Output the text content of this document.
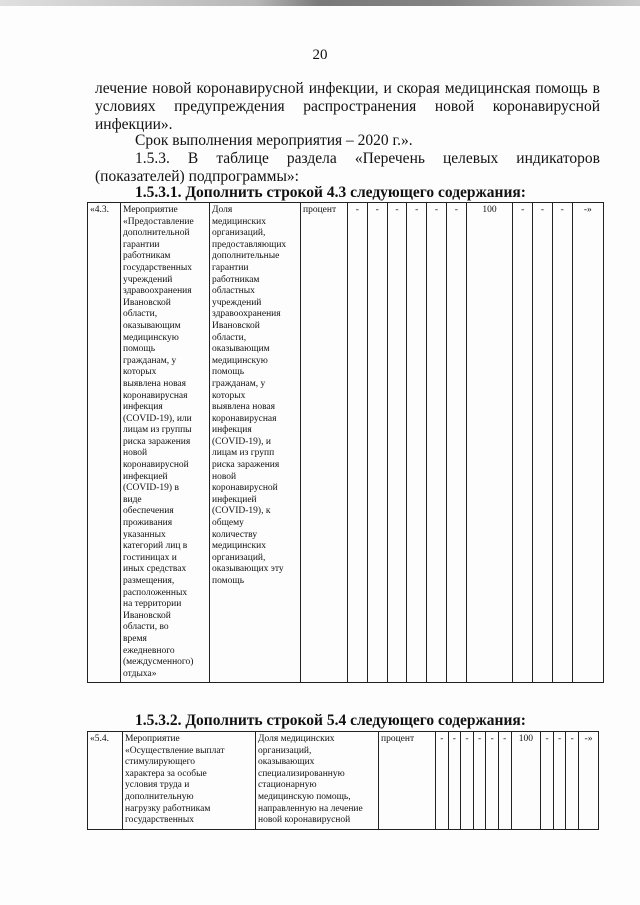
20
лечение новой коронавирусной инфекции, и скорая медицинская помощь в условиях предупреждения распространения новой коронавирусной инфекции».
Срок выполнения мероприятия – 2020 г.».
1.5.3. В таблице раздела «Перечень целевых индикаторов (показателей) подпрограммы»:
1.5.3.1. Дополнить строкой 4.3 следующего содержания:
«4.3.	Мероприятие
«Предоставление
дополнительной
гарантии
работникам
государственных
учреждений
здравоохранения
Ивановской
области,
оказывающим
медицинскую
помощь
гражданам, у
которых
выявлена новая
коронавирусная
инфекция
(COVID-19), или
лицам из группы
риска заражения
новой
коронавирусной
инфекцией
(COVID-19) в
виде
обеспечения
проживания
указанных
категорий лиц в
гостиницах и
иных средствах
размещения,
расположенных
на территории
Ивановской
области, во
время
ежедневного
(междусменного)
отдыха»	Доля
медицинских
организаций,
предоставляющих
дополнительные
гарантии
работникам
областных
учреждений
здравоохранения
Ивановской
области,
оказывающим
медицинскую
помощь
гражданам, у
которых
выявлена новая
коронавирусная
инфекция
(COVID-19), и
лицам из групп
риска заражения
новой
коронавирусной
инфекцией
(COVID-19), к
общему
количеству
медицинских
организаций,
оказывающих эту
помощь	процент	-	-	-	-	-	-	100	-	-	-	-»
1.5.3.2. Дополнить строкой 5.4 следующего содержания:
«5.4.	Мероприятие
«Осуществление выплат
стимулирующего
характера за особые
условия труда и
дополнительную
нагрузку работникам
государственных	Доля медицинских
организаций,
оказывающих
специализированную
стационарную
медицинскую помощь,
направленную на лечение
новой коронавирусной	процент	-	-	-	-	-	-	100	-	-	-	-»
